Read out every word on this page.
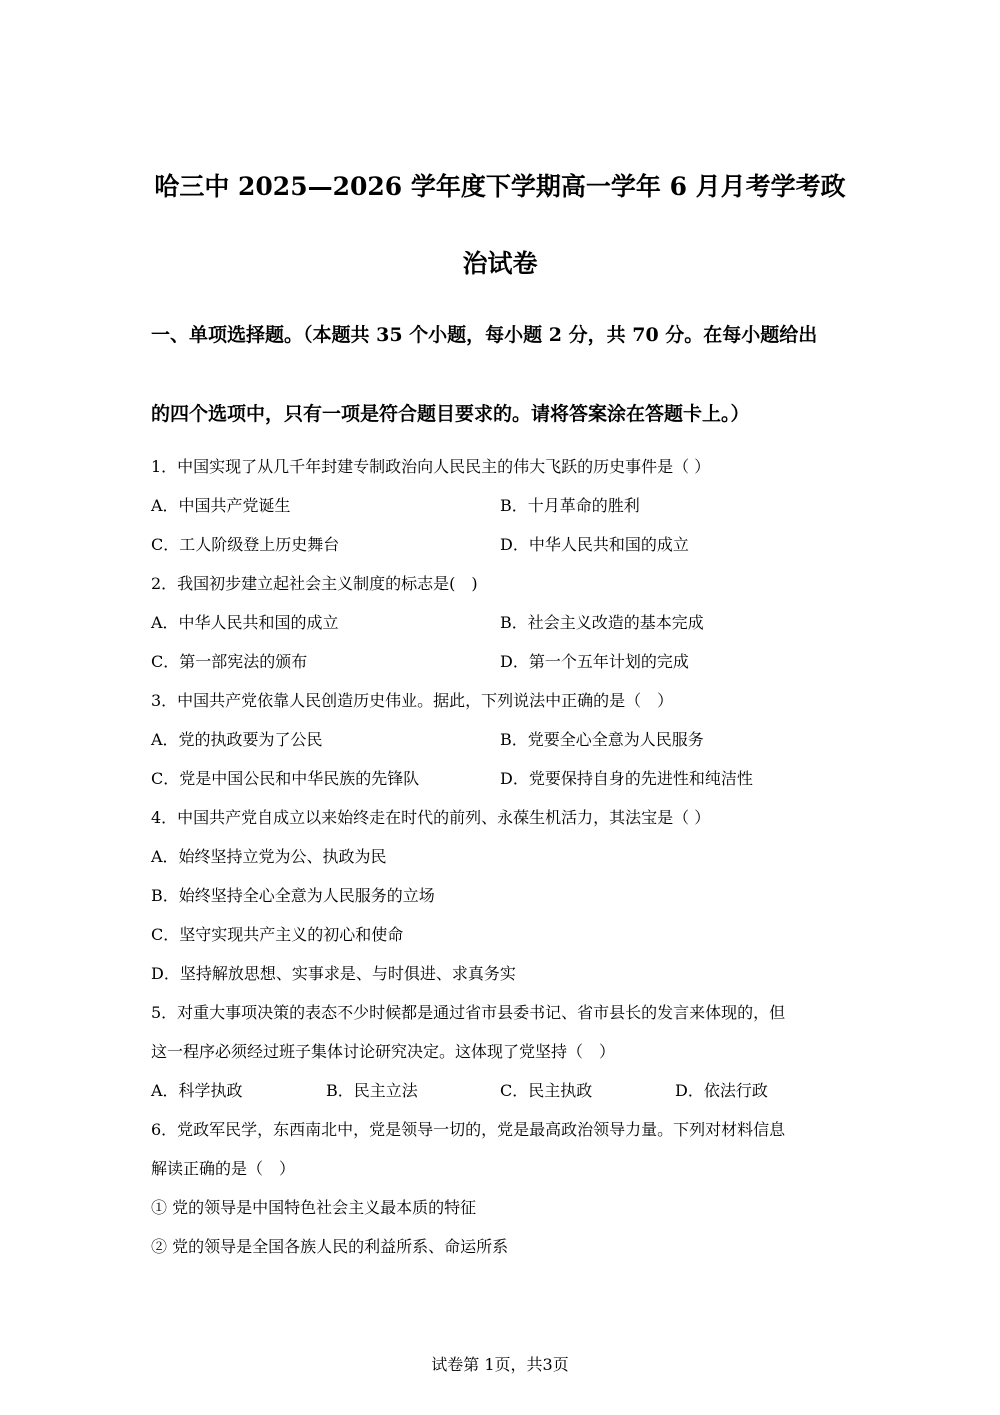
哈三中 2025—2026 学年度下学期高一学年 6 月月考学考政
治试卷
一、单项选择题。（本题共 35 个小题，每小题 2 分，共 70 分。在每小题给出
的四个选项中，只有一项是符合题目要求的。请将答案涂在答题卡上。）
1．中国实现了从几千年封建专制政治向人民民主的伟大飞跃的历史事件是（ ）
A．中国共产党诞生	B．十月革命的胜利
C．工人阶级登上历史舞台	D．中华人民共和国的成立
2．我国初步建立起社会主义制度的标志是(　)
A．中华人民共和国的成立	B．社会主义改造的基本完成
C．第一部宪法的颁布	D．第一个五年计划的完成
3．中国共产党依靠人民创造历史伟业。据此，下列说法中正确的是（　）
A．党的执政要为了公民	B．党要全心全意为人民服务
C．党是中国公民和中华民族的先锋队	D．党要保持自身的先进性和纯洁性
4．中国共产党自成立以来始终走在时代的前列、永葆生机活力，其法宝是（ ）
A．始终坚持立党为公、执政为民
B．始终坚持全心全意为人民服务的立场
C．坚守实现共产主义的初心和使命
D．坚持解放思想、实事求是、与时俱进、求真务实
5．对重大事项决策的表态不少时候都是通过省市县委书记、省市县长的发言来体现的，但
这一程序必须经过班子集体讨论研究决定。这体现了党坚持（　）
A．科学执政	B．民主立法	C．民主执政	D．依法行政
6．党政军民学，东西南北中，党是领导一切的，党是最高政治领导力量。下列对材料信息
解读正确的是（　）
① 党的领导是中国特色社会主义最本质的特征
② 党的领导是全国各族人民的利益所系、命运所系
试卷第 1页，共3页
